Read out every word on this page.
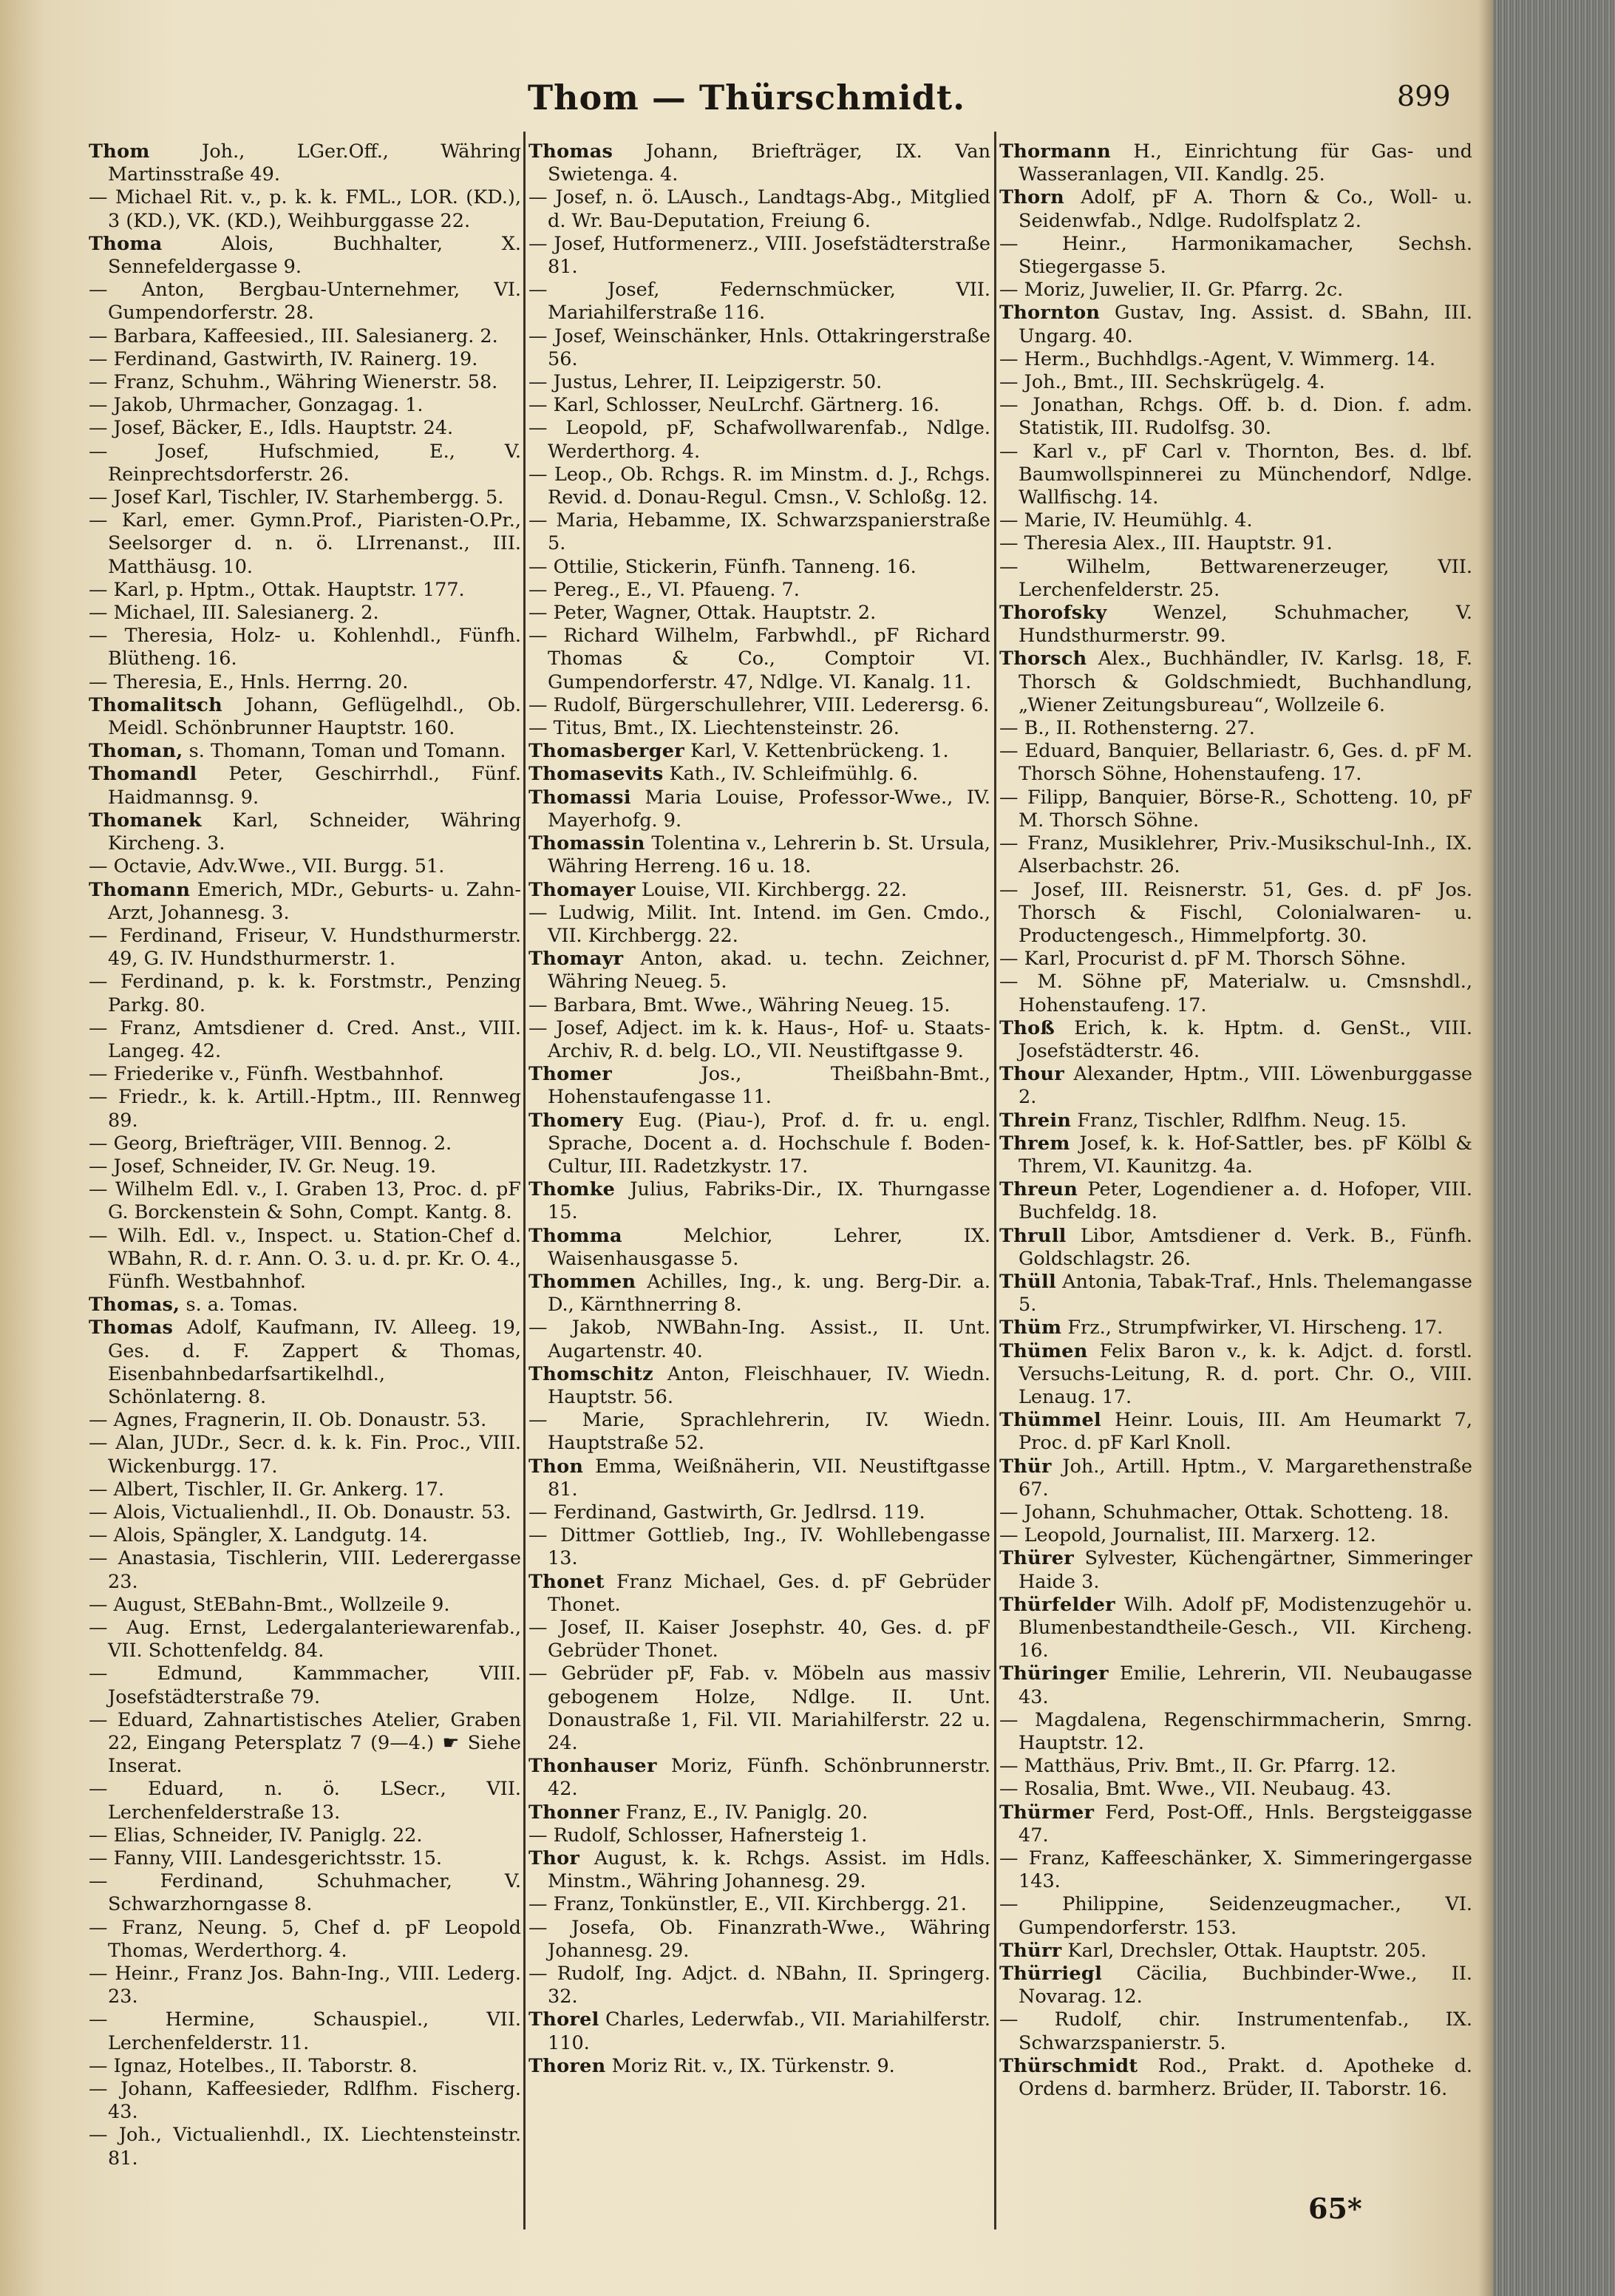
Thom — Thürschmidt.	899

Thom	Joh., LGer.Off., Währing Martinsstraße 49.

— Michael Rit. v., p. k. k. FML., LOR. (KD.), 3 (KD.), VK. (KD.), Weihburggasse 22.

Thoma	Alois, Buchhalter, X. Sennefeldergasse 9.

— Anton, Bergbau-Unternehmer, VI. Gumpendorferstr. 28.

— Barbara, Kaffeesied., III. Salesianerg. 2.

— Ferdinand, Gastwirth, IV. Rainerg. 19.

— Franz, Schuhm., Währing Wienerstr. 58.

— Jakob, Uhrmacher, Gonzagag. 1.

— Josef, Bäcker, E., Idls. Hauptstr. 24.

— Josef, Hufschmied, E., V. Reinprechtsdorferstr. 26.

— Josef Karl, Tischler, IV. Starhembergg. 5.

— Karl, emer. Gymn.Prof., Piaristen-O.Pr., Seelsorger d. n. ö. LIrrenanst., III. Matthäusg. 10.

— Karl, p. Hptm., Ottak. Hauptstr. 177.

— Michael, III. Salesianerg. 2.

— Theresia, Holz- u. Kohlenhdl., Fünfh. Blütheng. 16.

— Theresia, E., Hnls. Herrng. 20.

Thomalitsch Johann, Geflügelhdl., Ob. Meidl. Schönbrunner Hauptstr. 160.

Thoman, s. Thomann, Toman und Tomann.

Thomandl Peter, Geschirrhdl., Fünf. Haidmannsg. 9.

Thomanek Karl, Schneider, Währing Kircheng. 3.

— Octavie, Adv.Wwe., VII. Burgg. 51.

Thomann Emerich, MDr., Geburts- u. Zahn-Arzt, Johannesg. 3.

— Ferdinand, Friseur, V. Hundsthurmerstr. 49, G. IV. Hundsthurmerstr. 1.

— Ferdinand, p. k. k. Forstmstr., Penzing Parkg. 80.

— Franz, Amtsdiener d. Cred. Anst., VIII. Langeg. 42.

— Friederike v., Fünfh. Westbahnhof.

— Friedr., k. k. Artill.-Hptm., III. Rennweg 89.

— Georg, Briefträger, VIII. Bennog. 2.

— Josef, Schneider, IV. Gr. Neug. 19.

— Wilhelm Edl. v., I. Graben 13, Proc. d. pF G. Borckenstein & Sohn, Compt. Kantg. 8.

— Wilh. Edl. v., Inspect. u. Station-Chef d. WBahn, R. d. r. Ann. O. 3. u. d. pr. Kr. O. 4., Fünfh. Westbahnhof.

Thomas, s. a. Tomas.

Thomas Adolf, Kaufmann, IV. Alleeg. 19, Ges. d. F. Zappert & Thomas, Eisenbahnbedarfsartikelhdl., Schönlaterng. 8.

— Agnes, Fragnerin, II. Ob. Donaustr. 53.

— Alan, JUDr., Secr. d. k. k. Fin. Proc., VIII. Wickenburgg. 17.

— Albert, Tischler, II. Gr. Ankerg. 17.

— Alois, Victualienhdl., II. Ob. Donaustr. 53.

— Alois, Spängler, X. Landgutg. 14.

— Anastasia, Tischlerin, VIII. Lederergasse 23.

— August, StEBahn-Bmt., Wollzeile 9.

— Aug. Ernst, Ledergalanteriewarenfab., VII. Schottenfeldg. 84.

— Edmund, Kammmacher, VIII. Josefstädterstraße 79.

— Eduard, Zahnartistisches Atelier, Graben 22, Eingang Petersplatz 7 (9—4.) ☛ Siehe Inserat.

— Eduard, n. ö. LSecr., VII. Lerchenfelderstraße 13.

— Elias, Schneider, IV. Paniglg. 22.

— Fanny, VIII. Landesgerichtsstr. 15.

— Ferdinand, Schuhmacher, V. Schwarzhorngasse 8.

— Franz, Neung. 5, Chef d. pF Leopold Thomas, Werderthorg. 4.

— Heinr., Franz Jos. Bahn-Ing., VIII. Lederg. 23.

— Hermine, Schauspiel., VII. Lerchenfelderstr. 11.

— Ignaz, Hotelbes., II. Taborstr. 8.

— Johann, Kaffeesieder, Rdlfhm. Fischerg. 43.

— Joh., Victualienhdl., IX. Liechtensteinstr. 81.

Thomas Johann, Briefträger, IX. Van Swietenga. 4.

— Josef, n. ö. LAusch., Landtags-Abg., Mitglied d. Wr. Bau-Deputation, Freiung 6.

— Josef, Hutformenerz., VIII. Josefstädterstraße 81.

— Josef, Federnschmücker, VII. Mariahilferstraße 116.

— Josef, Weinschänker, Hnls. Ottakringerstraße 56.

— Justus, Lehrer, II. Leipzigerstr. 50.

— Karl, Schlosser, NeuLrchf. Gärtnerg. 16.

— Leopold, pF, Schafwollwarenfab., Ndlge. Werderthorg. 4.

— Leop., Ob. Rchgs. R. im Minstm. d. J., Rchgs. Revid. d. Donau-Regul. Cmsn., V. Schloßg. 12.

— Maria, Hebamme, IX. Schwarzspanierstraße 5.

— Ottilie, Stickerin, Fünfh. Tanneng. 16.

— Pereg., E., VI. Pfaueng. 7.

— Peter, Wagner, Ottak. Hauptstr. 2.

— Richard Wilhelm, Farbwhdl., pF Richard Thomas & Co., Comptoir VI. Gumpendorferstr. 47, Ndlge. VI. Kanalg. 11.

— Rudolf, Bürgerschullehrer, VIII. Lederersg. 6.

— Titus, Bmt., IX. Liechtensteinstr. 26.

Thomasberger Karl, V. Kettenbrückeng. 1.

Thomasevits Kath., IV. Schleifmühlg. 6.

Thomassi Maria Louise, Professor-Wwe., IV. Mayerhofg. 9.

Thomassin Tolentina v., Lehrerin b. St. Ursula, Währing Herreng. 16 u. 18.

Thomayer Louise, VII. Kirchbergg. 22.

— Ludwig, Milit. Int. Intend. im Gen. Cmdo., VII. Kirchbergg. 22.

Thomayr Anton, akad. u. techn. Zeichner, Währing Neueg. 5.

— Barbara, Bmt. Wwe., Währing Neueg. 15.

— Josef, Adject. im k. k. Haus-, Hof- u. Staats-Archiv, R. d. belg. LO., VII. Neustiftgasse 9.

Thomer	Jos., Theißbahn-Bmt., Hohenstaufengasse 11.

Thomery Eug. (Piau-), Prof. d. fr. u. engl. Sprache, Docent a. d. Hochschule f. Boden-Cultur, III. Radetzkystr. 17.

Thomke Julius, Fabriks-Dir., IX. Thurngasse 15.

Thomma	Melchior, Lehrer, IX. Waisenhausgasse 5.

Thommen Achilles, Ing., k. ung. Berg-Dir. a. D., Kärnthnerring 8.

— Jakob, NWBahn-Ing. Assist., II. Unt. Augartenstr. 40.

Thomschitz Anton, Fleischhauer, IV. Wiedn. Hauptstr. 56.

— Marie, Sprachlehrerin, IV. Wiedn. Hauptstraße 52.

Thon Emma, Weißnäherin, VII. Neustiftgasse 81.

— Ferdinand, Gastwirth, Gr. Jedlrsd. 119.

— Dittmer Gottlieb, Ing., IV. Wohllebengasse 13.

Thonet Franz Michael, Ges. d. pF Gebrüder Thonet.

— Josef, II. Kaiser Josephstr. 40, Ges. d. pF Gebrüder Thonet.

— Gebrüder pF, Fab. v. Möbeln aus massiv gebogenem Holze, Ndlge. II. Unt. Donaustraße 1, Fil. VII. Mariahilferstr. 22 u. 24.

Thonhauser Moriz, Fünfh. Schönbrunnerstr. 42.

Thonner Franz, E., IV. Paniglg. 20.

— Rudolf, Schlosser, Hafnersteig 1.

Thor August, k. k. Rchgs. Assist. im Hdls. Minstm., Währing Johannesg. 29.

— Franz, Tonkünstler, E., VII. Kirchbergg. 21.

— Josefa, Ob. Finanzrath-Wwe., Währing Johannesg. 29.

— Rudolf, Ing. Adjct. d. NBahn, II. Springerg. 32.

Thorel Charles, Lederwfab., VII. Mariahilferstr. 110.

Thoren Moriz Rit. v., IX. Türkenstr. 9.

Thormann H., Einrichtung für Gas- und Wasseranlagen, VII. Kandlg. 25.

Thorn Adolf, pF A. Thorn & Co., Woll- u. Seidenwfab., Ndlge. Rudolfsplatz 2.

— Heinr., Harmonikamacher, Sechsh. Stiegergasse 5.

— Moriz, Juwelier, II. Gr. Pfarrg. 2c.

Thornton Gustav, Ing. Assist. d. SBahn, III. Ungarg. 40.

— Herm., Buchhdlgs.-Agent, V. Wimmerg. 14.

— Joh., Bmt., III. Sechskrügelg. 4.

— Jonathan, Rchgs. Off. b. d. Dion. f. adm. Statistik, III. Rudolfsg. 30.

— Karl v., pF Carl v. Thornton, Bes. d. lbf. Baumwollspinnerei zu Münchendorf, Ndlge. Wallfischg. 14.

— Marie, IV. Heumühlg. 4.

— Theresia Alex., III. Hauptstr. 91.

— Wilhelm, Bettwarenerzeuger, VII. Lerchenfelderstr. 25.

Thorofsky Wenzel, Schuhmacher, V. Hundsthurmerstr. 99.

Thorsch Alex., Buchhändler, IV. Karlsg. 18, F. Thorsch & Goldschmiedt, Buchhandlung, „Wiener Zeitungsbureau“, Wollzeile 6.

— B., II. Rothensterng. 27.

— Eduard, Banquier, Bellariastr. 6, Ges. d. pF M. Thorsch Söhne, Hohenstaufeng. 17.

— Filipp, Banquier, Börse-R., Schotteng. 10, pF M. Thorsch Söhne.

— Franz, Musiklehrer, Priv.-Musikschul-Inh., IX. Alserbachstr. 26.

— Josef, III. Reisnerstr. 51, Ges. d. pF Jos. Thorsch & Fischl, Colonialwaren- u. Productengesch., Himmelpfortg. 30.

— Karl, Procurist d. pF M. Thorsch Söhne.

— M. Söhne pF, Materialw. u. Cmsnshdl., Hohenstaufeng. 17.

Thoß Erich, k. k. Hptm. d. GenSt., VIII. Josefstädterstr. 46.

Thour Alexander, Hptm., VIII. Löwenburggasse 2.

Threin Franz, Tischler, Rdlfhm. Neug. 15.

Threm Josef, k. k. Hof-Sattler, bes. pF Kölbl & Threm, VI. Kaunitzg. 4a.

Threun Peter, Logendiener a. d. Hofoper, VIII. Buchfeldg. 18.

Thrull Libor, Amtsdiener d. Verk. B., Fünfh. Goldschlagstr. 26.

Thüll Antonia, Tabak-Traf., Hnls. Thelemangasse 5.

Thüm Frz., Strumpfwirker, VI. Hirscheng. 17.

Thümen Felix Baron v., k. k. Adjct. d. forstl. Versuchs-Leitung, R. d. port. Chr. O., VIII. Lenaug. 17.

Thümmel Heinr. Louis, III. Am Heumarkt 7, Proc. d. pF Karl Knoll.

Thür Joh., Artill. Hptm., V. Margarethenstraße 67.

— Johann, Schuhmacher, Ottak. Schotteng. 18.

— Leopold, Journalist, III. Marxerg. 12.

Thürer Sylvester, Küchengärtner, Simmeringer Haide 3.

Thürfelder Wilh. Adolf pF, Modistenzugehör u. Blumenbestandtheile-Gesch., VII. Kircheng. 16.

Thüringer Emilie, Lehrerin, VII. Neubaugasse 43.

— Magdalena, Regenschirmmacherin, Smrng. Hauptstr. 12.

— Matthäus, Priv. Bmt., II. Gr. Pfarrg. 12.

— Rosalia, Bmt. Wwe., VII. Neubaug. 43.

Thürmer Ferd, Post-Off., Hnls. Bergsteiggasse 47.

— Franz, Kaffeeschänker, X. Simmeringergasse 143.

— Philippine, Seidenzeugmacher., VI. Gumpendorferstr. 153.

Thürr Karl, Drechsler, Ottak. Hauptstr. 205.

Thürriegl Cäcilia, Buchbinder-Wwe., II. Novarag. 12.

— Rudolf, chir. Instrumentenfab., IX. Schwarzspanierstr. 5.

Thürschmidt Rod., Prakt. d. Apotheke d. Ordens d. barmherz. Brüder, II. Taborstr. 16.

65*
